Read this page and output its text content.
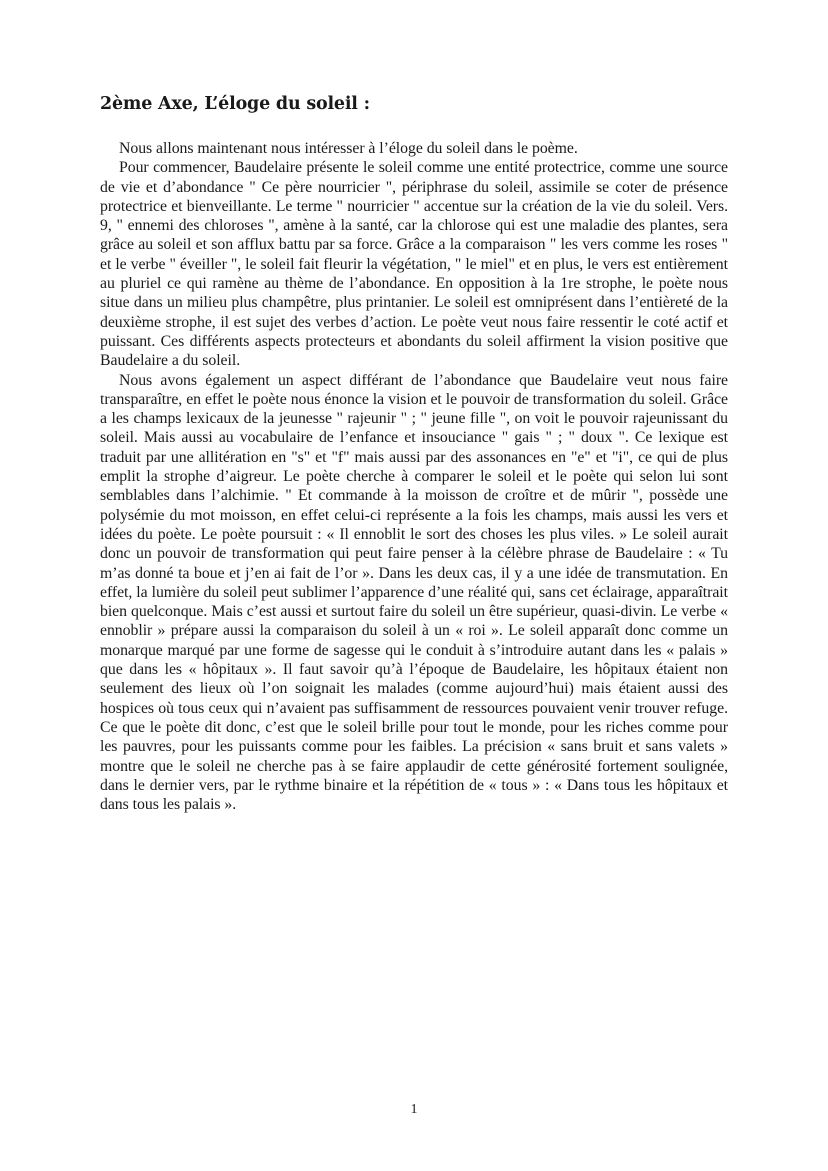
2ème Axe, L’éloge du soleil :

Nous allons maintenant nous intéresser à l’éloge du soleil dans le poème.

Pour commencer, Baudelaire présente le soleil comme une entité protectrice, comme une source de vie et d’abondance " Ce père nourricier ", périphrase du soleil, assimile se coter de présence protectrice et bienveillante. Le terme " nourricier " accentue sur la création de la vie du soleil. Vers. 9, " ennemi des chloroses ", amène à la santé, car la chlorose qui est une maladie des plantes, sera grâce au soleil et son afflux battu par sa force. Grâce a la comparaison " les vers comme les roses " et le verbe " éveiller ", le soleil fait fleurir la végétation, " le miel" et en plus, le vers est entièrement au pluriel ce qui ramène au thème de l’abondance. En opposition à la 1re strophe, le poète nous situe dans un milieu plus champêtre, plus printanier. Le soleil est omniprésent dans l’entièreté de la deuxième strophe, il est sujet des verbes d’action. Le poète veut nous faire ressentir le coté actif et puissant. Ces différents aspects protecteurs et abondants du soleil affirment la vision positive que Baudelaire a du soleil.

Nous avons également un aspect différant de l’abondance que Baudelaire veut nous faire transparaître, en effet le poète nous énonce la vision et le pouvoir de transformation du soleil. Grâce a les champs lexicaux de la jeunesse " rajeunir " ; " jeune fille ", on voit le pouvoir rajeunissant du soleil. Mais aussi au vocabulaire de l’enfance et insouciance " gais " ; " doux ". Ce lexique est traduit par une allitération en "s" et "f" mais aussi par des assonances en "e" et "i", ce qui de plus emplit la strophe d’aigreur. Le poète cherche à comparer le soleil et le poète qui selon lui sont semblables dans l’alchimie. " Et commande à la moisson de croître et de mûrir ", possède une polysémie du mot moisson, en effet celui-ci représente a la fois les champs, mais aussi les vers et idées du poète. Le poète poursuit : « Il ennoblit le sort des choses les plus viles. » Le soleil aurait donc un pouvoir de transformation qui peut faire penser à la célèbre phrase de Baudelaire : « Tu m’as donné ta boue et j’en ai fait de l’or ». Dans les deux cas, il y a une idée de transmutation. En effet, la lumière du soleil peut sublimer l’apparence d’une réalité qui, sans cet éclairage, apparaîtrait bien quelconque. Mais c’est aussi et surtout faire du soleil un être supérieur, quasi-divin. Le verbe « ennoblir » prépare aussi la comparaison du soleil à un « roi ». Le soleil apparaît donc comme un monarque marqué par une forme de sagesse qui le conduit à s’introduire autant dans les « palais » que dans les « hôpitaux ». Il faut savoir qu’à l’époque de Baudelaire, les hôpitaux étaient non seulement des lieux où l’on soignait les malades (comme aujourd’hui) mais étaient aussi des hospices où tous ceux qui n’avaient pas suffisamment de ressources pouvaient venir trouver refuge. Ce que le poète dit donc, c’est que le soleil brille pour tout le monde, pour les riches comme pour les pauvres, pour les puissants comme pour les faibles. La précision « sans bruit et sans valets » montre que le soleil ne cherche pas à se faire applaudir de cette générosité fortement soulignée, dans le dernier vers, par le rythme binaire et la répétition de « tous » : « Dans tous les hôpitaux et dans tous les palais ».

1
